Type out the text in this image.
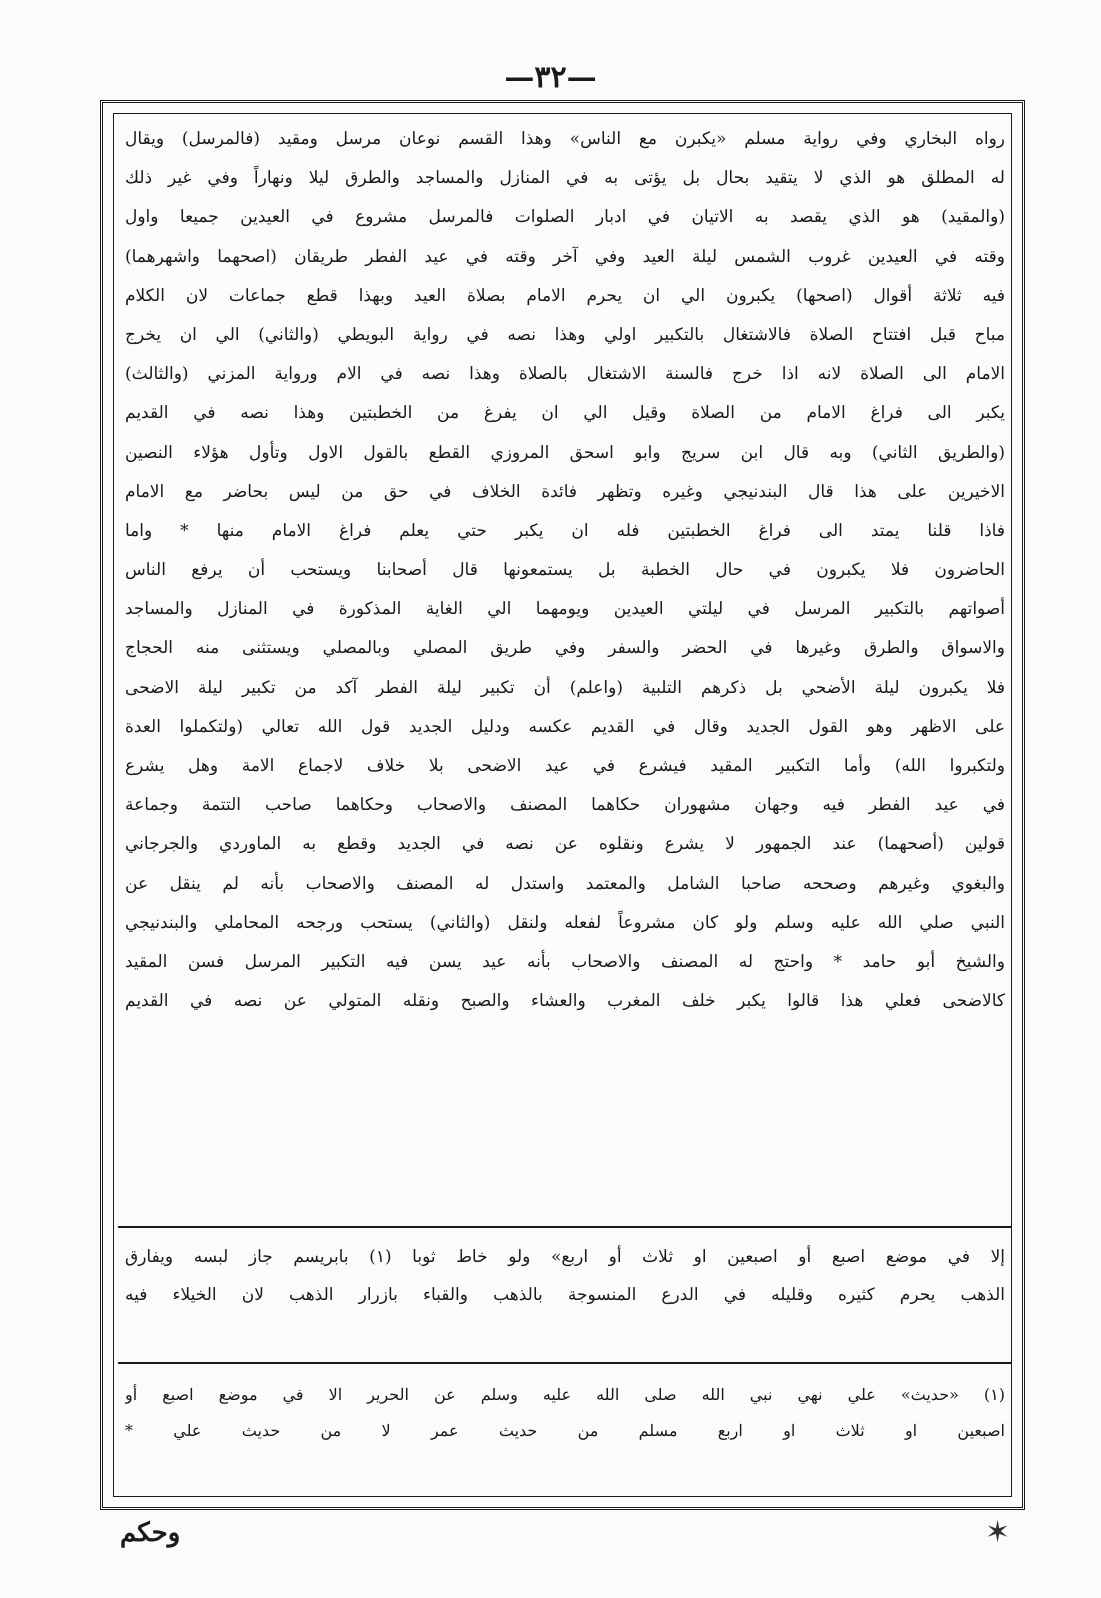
—٣٢—
رواه البخاري وفي رواية مسلم «يكبرن مع الناس» وهذا القسم نوعان مرسل ومقيد (فالمرسل) ويقال
له المطلق هو الذي لا يتقيد بحال بل يؤتى به في المنازل والمساجد والطرق ليلا ونهاراً وفي غير ذلك
(والمقيد) هو الذي يقصد به الاتيان في ادبار الصلوات فالمرسل مشروع في العيدين جميعا واول
وقته في العيدين غروب الشمس ليلة العيد وفي آخر وقته في عيد الفطر طريقان (اصحهما واشهرهما)
فيه ثلاثة أقوال (اصحها) يكبرون الي ان يحرم الامام بصلاة العيد وبهذا قطع جماعات لان الكلام
مباح قبل افتتاح الصلاة فالاشتغال بالتكبير اولي وهذا نصه في رواية البويطي (والثاني) الي ان يخرج
الامام الى الصلاة لانه اذا خرج فالسنة الاشتغال بالصلاة وهذا نصه في الام ورواية المزني (والثالث)
يكبر الى فراغ الامام من الصلاة وقيل الي ان يفرغ من الخطبتين وهذا نصه في القديم
(والطريق الثاني) وبه قال ابن سريج وابو اسحق المروزي القطع بالقول الاول وتأول هؤلاء النصين
الاخيرين على هذا قال البندنيجي وغيره وتظهر فائدة الخلاف في حق من ليس بحاضر مع الامام
فاذا قلنا يمتد الى فراغ الخطبتين فله ان يكبر حتي يعلم فراغ الامام منها * واما
الحاضرون فلا يكبرون في حال الخطبة بل يستمعونها قال أصحابنا ويستحب أن يرفع الناس
أصواتهم بالتكبير المرسل في ليلتي العيدين ويومهما الي الغاية المذكورة في المنازل والمساجد
والاسواق والطرق وغيرها في الحضر والسفر وفي طريق المصلي وبالمصلي ويستثنى منه الحجاج
فلا يكبرون ليلة الأضحي بل ذكرهم التلبية (واعلم) أن تكبير ليلة الفطر آكد من تكبير ليلة الاضحى
على الاظهر وهو القول الجديد وقال في القديم عكسه ودليل الجديد قول الله تعالي (ولتكملوا العدة
ولتكبروا الله) وأما التكبير المقيد فيشرع في عيد الاضحى بلا خلاف لاجماع الامة وهل يشرع
في عيد الفطر فيه وجهان مشهوران حكاهما المصنف والاصحاب وحكاهما صاحب التتمة وجماعة
قولين (أصحهما) عند الجمهور لا يشرع ونقلوه عن نصه في الجديد وقطع به الماوردي والجرجاني
والبغوي وغيرهم وصححه صاحبا الشامل والمعتمد واستدل له المصنف والاصحاب بأنه لم ينقل عن
النبي صلي الله عليه وسلم ولو كان مشروعاً لفعله ولنقل (والثاني) يستحب ورجحه المحاملي والبندنيجي
والشيخ أبو حامد * واحتج له المصنف والاصحاب بأنه عيد يسن فيه التكبير المرسل فسن المقيد
كالاضحى فعلي هذا قالوا يكبر خلف المغرب والعشاء والصبح ونقله المتولي عن نصه في القديم
إلا في موضع اصبع أو اصبعين او ثلاث أو اربع» ولو خاط ثوبا (١) بابريسم جاز لبسه ويفارق
الذهب يحرم كثيره وقليله في الدرع المنسوجة بالذهب والقباء بازرار الذهب لان الخيلاء فيه
(١) «حديث» علي نهي نبي الله صلى الله عليه وسلم عن الحرير الا في موضع اصبع أو
اصبعين او ثلاث او اربع مسلم من حديث عمر لا من حديث علي *
وحكم	✶
